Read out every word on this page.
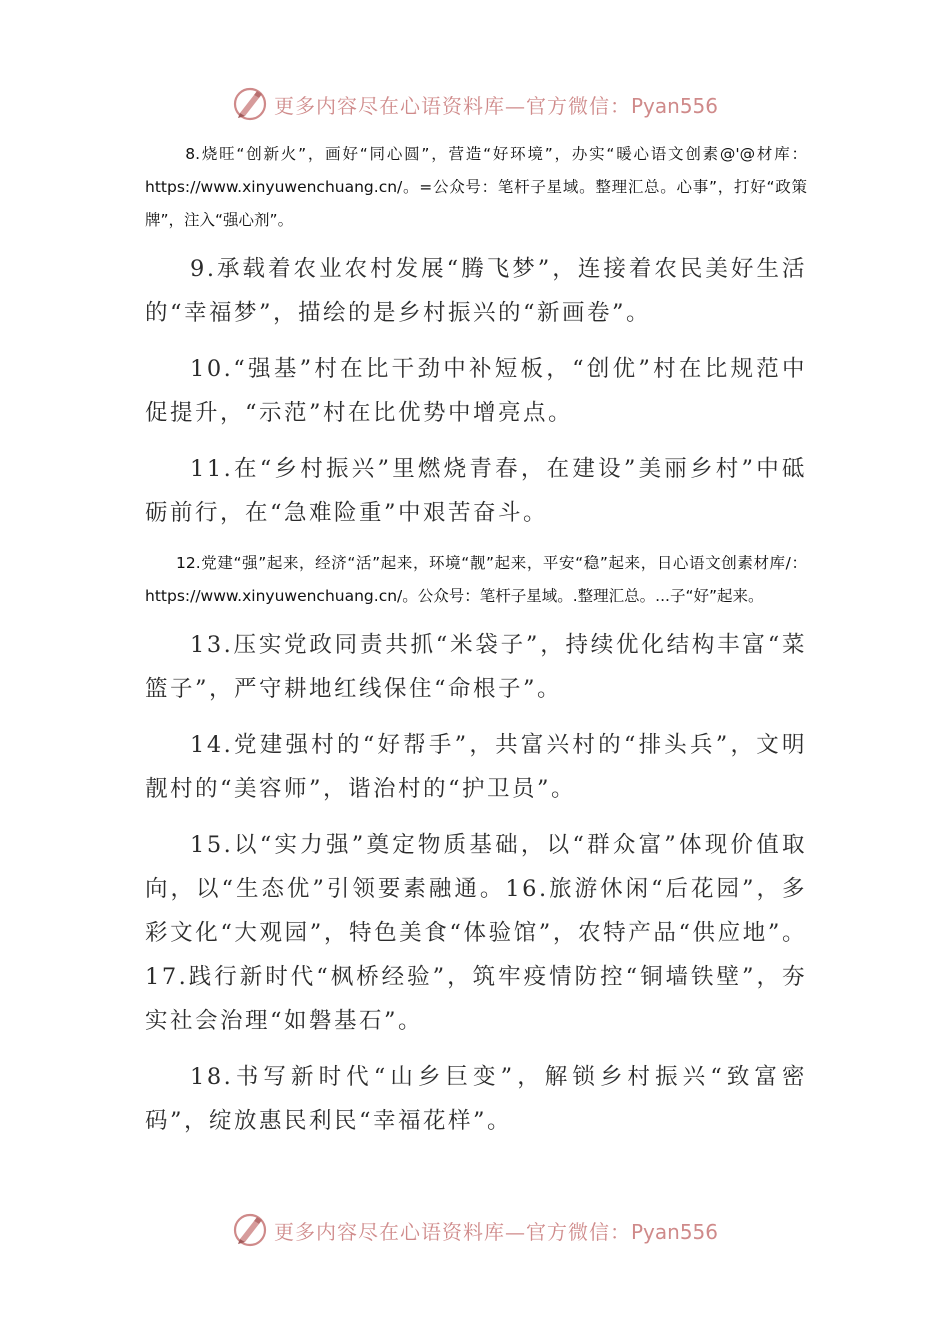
更多内容尽在心语资料库—官方微信：Pyan556

8.烧旺“创新火”，画好“同心圆”，营造“好环境”，办实“暖心语文创素@'@材库：https://www.xinyuwenchuang.cn/。=公众号：笔杆子星域。整理汇总。心事”，打好“政策牌”，注入“强心剂”。

9.承载着农业农村发展“腾飞梦”，连接着农民美好生活的“幸福梦”，描绘的是乡村振兴的“新画卷”。

10.“强基”村在比干劲中补短板，“创优”村在比规范中促提升，“示范”村在比优势中增亮点。

11.在“乡村振兴”里燃烧青春，在建设”美丽乡村”中砥砺前行，在“急难险重”中艰苦奋斗。

12.党建“强”起来，经济“活”起来，环境“靓”起来，平安“稳”起来，日心语文创素材库/：https://www.xinyuwenchuang.cn/。公众号：笔杆子星域。.整理汇总。...子“好”起来。

13.压实党政同责共抓“米袋子”，持续优化结构丰富“菜篮子”，严守耕地红线保住“命根子”。

14.党建强村的“好帮手”，共富兴村的“排头兵”，文明靓村的“美容师”，谐治村的“护卫员”。

15.以“实力强”奠定物质基础，以“群众富”体现价值取向，以“生态优”引领要素融通。16.旅游休闲“后花园”，多彩文化“大观园”，特色美食“体验馆”，农特产品“供应地”。 17.践行新时代“枫桥经验”，筑牢疫情防控“铜墙铁壁”，夯实社会治理“如磐基石”。

18.书写新时代“山乡巨变”，解锁乡村振兴“致富密码”，绽放惠民利民“幸福花样”。

更多内容尽在心语资料库—官方微信：Pyan556
